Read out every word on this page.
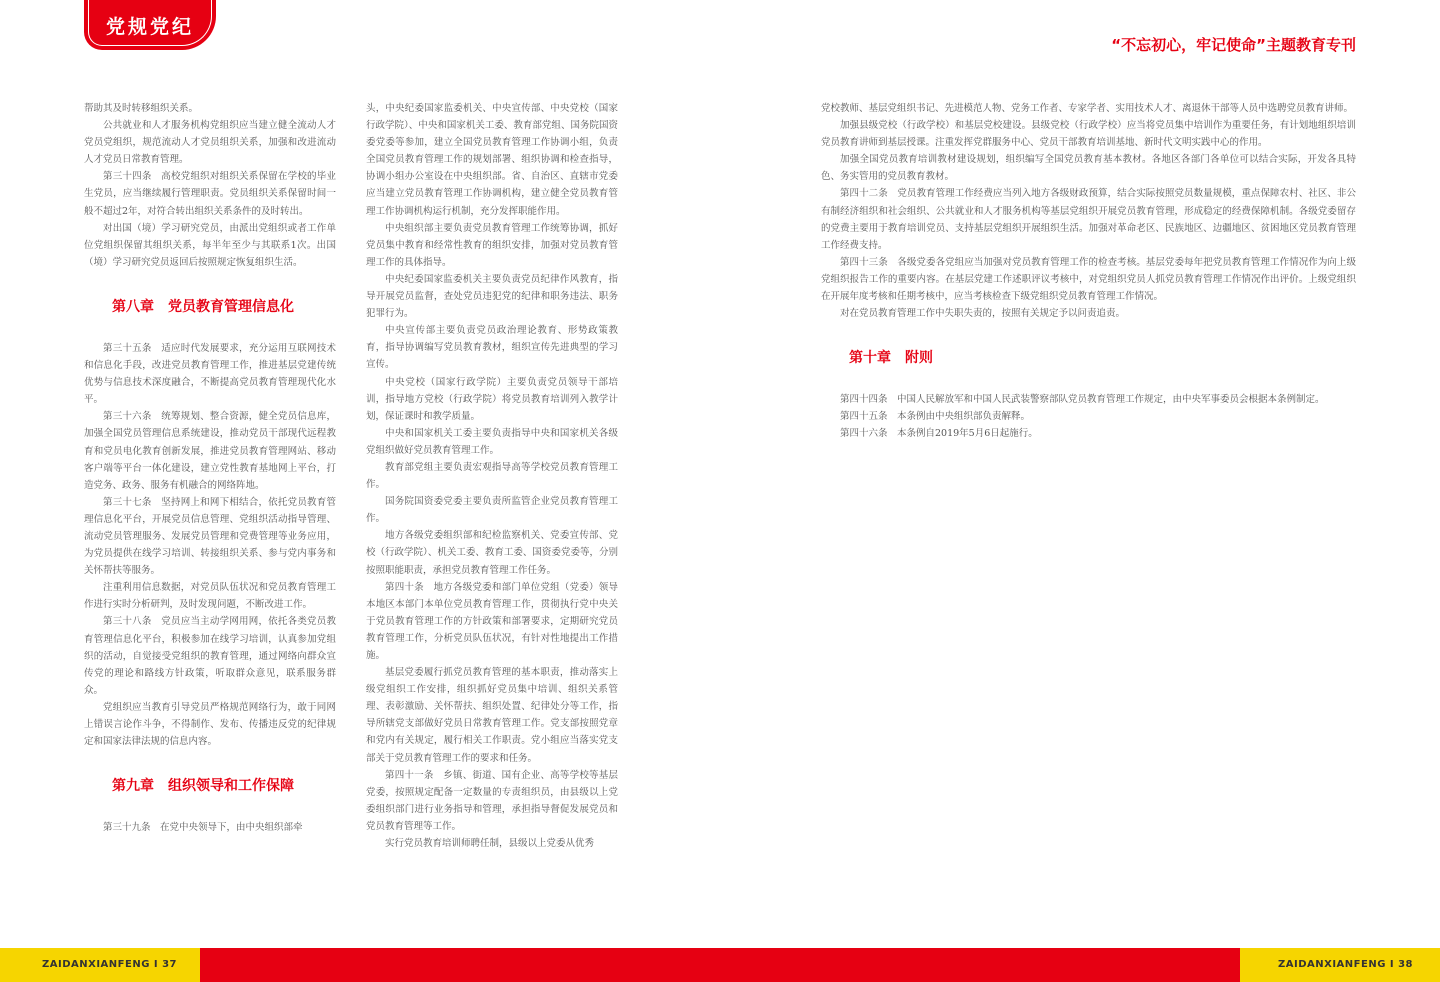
党规党纪
“不忘初心，牢记使命”主题教育专刊

帮助其及时转移组织关系。

公共就业和人才服务机构党组织应当建立健全流动人才党员党组织，规范流动人才党员组织关系，加强和改进流动人才党员日常教育管理。

第三十四条　高校党组织对组织关系保留在学校的毕业生党员，应当继续履行管理职责。党员组织关系保留时间一般不超过2年，对符合转出组织关系条件的及时转出。

对出国（境）学习研究党员，由派出党组织或者工作单位党组织保留其组织关系，每半年至少与其联系1次。出国（境）学习研究党员返回后按照规定恢复组织生活。

第八章　党员教育管理信息化

第三十五条　适应时代发展要求，充分运用互联网技术和信息化手段，改进党员教育管理工作，推进基层党建传统优势与信息技术深度融合，不断提高党员教育管理现代化水平。

第三十六条　统筹规划、整合资源，健全党员信息库，加强全国党员管理信息系统建设，推动党员干部现代远程教育和党员电化教育创新发展，推进党员教育管理网站、移动客户端等平台一体化建设，建立党性教育基地网上平台，打造党务、政务、服务有机融合的网络阵地。

第三十七条　坚持网上和网下相结合，依托党员教育管理信息化平台，开展党员信息管理、党组织活动指导管理、流动党员管理服务、发展党员管理和党费管理等业务应用，为党员提供在线学习培训、转接组织关系、参与党内事务和关怀帮扶等服务。

注重利用信息数据，对党员队伍状况和党员教育管理工作进行实时分析研判，及时发现问题，不断改进工作。

第三十八条　党员应当主动学网用网，依托各类党员教育管理信息化平台，积极参加在线学习培训，认真参加党组织的活动，自觉接受党组织的教育管理，通过网络向群众宣传党的理论和路线方针政策，听取群众意见，联系服务群众。

党组织应当教育引导党员严格规范网络行为，敢于同网上错误言论作斗争，不得制作、发布、传播违反党的纪律规定和国家法律法规的信息内容。

第九章　组织领导和工作保障

第三十九条　在党中央领导下，由中央组织部牵

头，中央纪委国家监委机关、中央宣传部、中央党校（国家行政学院）、中央和国家机关工委、教育部党组、国务院国资委党委等参加，建立全国党员教育管理工作协调小组，负责全国党员教育管理工作的规划部署、组织协调和检查指导，协调小组办公室设在中央组织部。省、自治区、直辖市党委应当建立党员教育管理工作协调机构，建立健全党员教育管理工作协调机构运行机制，充分发挥职能作用。

中央组织部主要负责党员教育管理工作统筹协调，抓好党员集中教育和经常性教育的组织安排，加强对党员教育管理工作的具体指导。

中央纪委国家监委机关主要负责党员纪律作风教育，指导开展党员监督，查处党员违犯党的纪律和职务违法、职务犯罪行为。

中央宣传部主要负责党员政治理论教育、形势政策教育，指导协调编写党员教育教材，组织宣传先进典型的学习宣传。

中央党校（国家行政学院）主要负责党员领导干部培训，指导地方党校（行政学院）将党员教育培训列入教学计划，保证课时和教学质量。

中央和国家机关工委主要负责指导中央和国家机关各级党组织做好党员教育管理工作。

教育部党组主要负责宏观指导高等学校党员教育管理工作。

国务院国资委党委主要负责所监管企业党员教育管理工作。

地方各级党委组织部和纪检监察机关、党委宣传部、党校（行政学院）、机关工委、教育工委、国资委党委等，分别按照职能职责，承担党员教育管理工作任务。

第四十条　地方各级党委和部门单位党组（党委）领导本地区本部门本单位党员教育管理工作，贯彻执行党中央关于党员教育管理工作的方针政策和部署要求，定期研究党员教育管理工作，分析党员队伍状况，有针对性地提出工作措施。

基层党委履行抓党员教育管理的基本职责，推动落实上级党组织工作安排，组织抓好党员集中培训、组织关系管理、表彰激励、关怀帮扶、组织处置、纪律处分等工作，指导所辖党支部做好党员日常教育管理工作。党支部按照党章和党内有关规定，履行相关工作职责。党小组应当落实党支部关于党员教育管理工作的要求和任务。

第四十一条　乡镇、街道、国有企业、高等学校等基层党委，按照规定配备一定数量的专责组织员，由县级以上党委组织部门进行业务指导和管理，承担指导督促发展党员和党员教育管理等工作。

实行党员教育培训师聘任制，县级以上党委从优秀

党校教师、基层党组织书记、先进模范人物、党务工作者、专家学者、实用技术人才、离退休干部等人员中选聘党员教育讲师。

加强县级党校（行政学校）和基层党校建设。县级党校（行政学校）应当将党员集中培训作为重要任务，有计划地组织培训党员教育讲师到基层授课。注重发挥党群服务中心、党员干部教育培训基地、新时代文明实践中心的作用。

加强全国党员教育培训教材建设规划，组织编写全国党员教育基本教材。各地区各部门各单位可以结合实际，开发各具特色、务实管用的党员教育教材。

第四十二条　党员教育管理工作经费应当列入地方各级财政预算，结合实际按照党员数量规模，重点保障农村、社区、非公有制经济组织和社会组织、公共就业和人才服务机构等基层党组织开展党员教育管理，形成稳定的经费保障机制。各级党委留存的党费主要用于教育培训党员、支持基层党组织开展组织生活。加强对革命老区、民族地区、边疆地区、贫困地区党员教育管理工作经费支持。

第四十三条　各级党委各党组应当加强对党员教育管理工作的检查考核。基层党委每年把党员教育管理工作情况作为向上级党组织报告工作的重要内容。在基层党建工作述职评议考核中，对党组织党员人抓党员教育管理工作情况作出评价。上级党组织在开展年度考核和任期考核中，应当考核检查下级党组织党员教育管理工作情况。

对在党员教育管理工作中失职失责的，按照有关规定予以问责追责。

第十章　附则

第四十四条　中国人民解放军和中国人民武装警察部队党员教育管理工作规定，由中央军事委员会根据本条例制定。

第四十五条　本条例由中央组织部负责解释。

第四十六条　本条例自2019年5月6日起施行。

ZAIDANXIANFENG I 37	ZAIDANXIANFENG I 38
